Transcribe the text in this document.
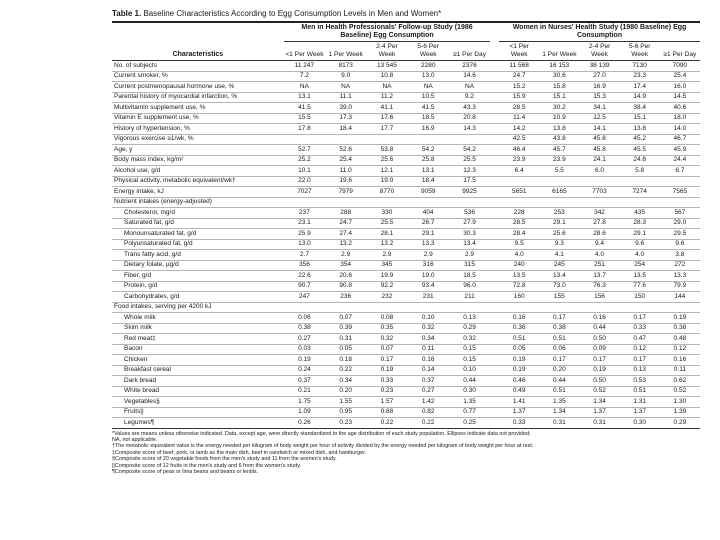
Table 1. Baseline Characteristics According to Egg Consumption Levels in Men and Women*
	Men in Health Professionals' Follow-up Study (1986 Baseline) Egg Consumption						Women in Nurses' Health Study (1980 Baseline) Egg Consumption				
Characteristics	<1 Per Week	1 Per Week	2-4 Per Week	5-6 Per Week	≥1 Per Day		<1 Per Week	1 Per Week	2-4 Per Week	5-6 Per Week	≥1 Per Day
No. of subjects	11 247	8173	13 545	2280	2376		11 568	16 153	38 139	7130	7090
Current smoker, %	7.2	9.0	10.8	13.0	14.6		24.7	30.6	27.0	23.3	25.4
Current postmenopausal hormone use, %	NA	NA	NA	NA	NA		15.2	15.8	16.9	17.4	16.0
Parental history of myocardial infarction, %	13.1	11.1	11.2	10.5	9.2		15.9	15.1	15.3	14.9	14.5
Multivitamin supplement use, %	41.5	39.0	41.1	41.5	43.3		28.5	30.2	34.1	38.4	40.6
Vitamin E supplement use, %	15.5	17.3	17.6	18.5	20.8		11.4	10.9	12.5	15.1	18.0
History of hypertension, %	17.8	18.4	17.7	16.9	14.3		14.2	13.8	14.1	13.8	14.0
Vigorous exercise ≥1/wk, %							42.5	43.8	45.8	45.2	46.7
Age, y	52.7	52.6	53.8	54.2	54.2		46.4	45.7	45.8	45.5	45.9
Body mass index, kg/m²	25.2	25.4	25.6	25.8	25.5		23.9	23.9	24.1	24.6	24.4
Alcohol use, g/d	10.1	11.0	12.1	13.1	12.3		6.4	5.5	6.0	5.8	6.7
Physical activity, metabolic equivalent/wk†	22.0	19.6	19.0	18.4	17.5						
Energy intake, kJ	7027	7979	8770	9059	9925		5651	6165	7703	7274	7565
Nutrient intakes (energy-adjusted)											
Cholesterol, mg/d	237	288	330	404	536		228	253	342	435	567
Saturated fat, g/d	23.1	24.7	25.5	26.7	27.9		28.5	29.1	27.8	28.3	29.0
Monounsaturated fat, g/d	25.9	27.4	28.1	29.1	30.3		28.4	25.6	28.6	29.1	29.5
Polyunsaturated fat, g/d	13.0	13.2	13.2	13.3	13.4		9.5	9.3	9.4	9.6	9.6
Trans fatty acid, g/d	2.7	2.9	2.9	2.9	2.9		4.0	4.1	4.0	4.0	3.8
Dietary folate, μg/d	356	354	345	316	315		240	245	251	254	272
Fiber, g/d	22.6	20.6	19.9	19.0	18.5		13.5	13.4	13.7	13.5	13.3
Protein, g/d	90.7	90.8	92.2	93.4	96.0		72.8	73.0	76.3	77.6	79.9
Carbohydrates, g/d	247	236	232	231	211		160	155	156	150	144
Food intakes, serving per 4200 kJ											
Whole milk	0.06	0.07	0.08	0.10	0.13		0.16	0.17	0.16	0.17	0.19
Skim milk	0.38	0.39	0.35	0.32	0.29		0.36	0.38	0.44	0.33	0.38
Red meat‡	0.27	0.31	0.32	0.34	0.32		0.51	0.51	0.50	0.47	0.48
Bacon	0.03	0.05	0.07	0.11	0.15		0.05	0.06	0.09	0.12	0.12
Chicken	0.19	0.18	0.17	0.16	0.15		0.19	0.17	0.17	0.17	0.16
Breakfast cereal	0.24	0.22	0.19	0.14	0.10		0.19	0.20	0.19	0.13	0.11
Dark bread	0.37	0.34	0.33	0.37	0.44		0.46	0.44	0.50	0.53	0.62
White bread	0.21	0.20	0.23	0.27	0.30		0.49	0.51	0.52	0.51	0.52
Vegetables§	1.75	1.55	1.57	1.42	1.35		1.41	1.35	1.34	1.31	1.30
Fruits||	1.09	0.95	0.88	0.82	0.77		1.37	1.34	1.37	1.37	1.39
Legumes¶	0.26	0.23	0.22	0.22	0.25		0.33	0.31	0.31	0.30	0.29
*Values are means unless otherwise indicated. Data, except age, were directly standardized to the age distribution of each study population. Ellipses indicate data not provided;
NA, not applicable.
†The metabolic equivalent value is the energy needed per kilogram of body weight per hour of activity divided by the energy needed per kilogram of body weight per hour at rest.
‡Composite score of beef, pork, or lamb as the main dish, beef in sandwich or mixed dish, and hamburger.
§Composite score of 20 vegetable foods from the men's study and 11 from the women's study.
||Composite score of 12 fruits in the men's study and 6 from the women's study.
¶Composite score of peas or lima beans and beans or lentils.
